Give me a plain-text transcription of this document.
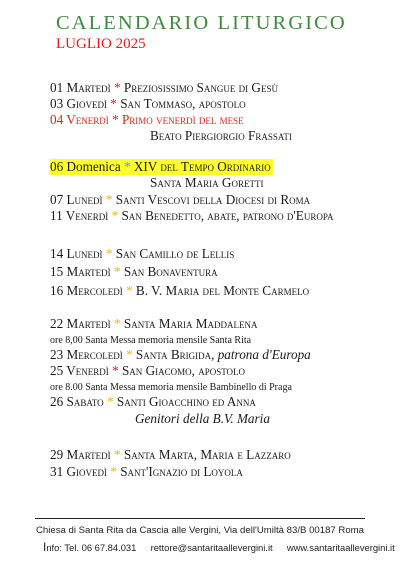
CALENDARIO LITURGICO
LUGLIO 2025
01 Martedì * Preziosissimo Sangue di Gesù
03 Giovedì * San Tommaso, apostolo
04 Venerdì * Primo venerdì del mese
Beato Piergiorgio Frassati
06 Domenica * XIV del Tempo Ordinario
Santa Maria Goretti
07 Lunedì * Santi Vescovi della Diocesi di Roma
11 Venerdì * San Benedetto, abate, patrono d'Europa
14 Lunedì * San Camillo de Lellis
15 Martedì * San Bonaventura
16 Mercoledì * B. V. Maria del Monte Carmelo
22 Martedì * Santa Maria Maddalena
ore 8,00 Santa Messa memoria mensile Santa Rita
23 Mercoledì * Santa Brigida, patrona d'Europa
25 Venerdì * San Giacomo, apostolo
ore 8.00 Santa Messa memoria mensile Bambinello di Praga
26 Sabato * Santi Gioacchino ed Anna
Genitori della B.V. Maria
29 Martedì * Santa Marta, Maria e Lazzaro
31 Giovedì * Sant'Ignazio di Loyola
Chiesa di Santa Rita da Cascia alle Vergini, Via dell'Umiltà 83/B 00187 Roma
Info: Tel. 06 67.84.031 rettore@santaritaallevergini.it www.santaritaallevergini.it
